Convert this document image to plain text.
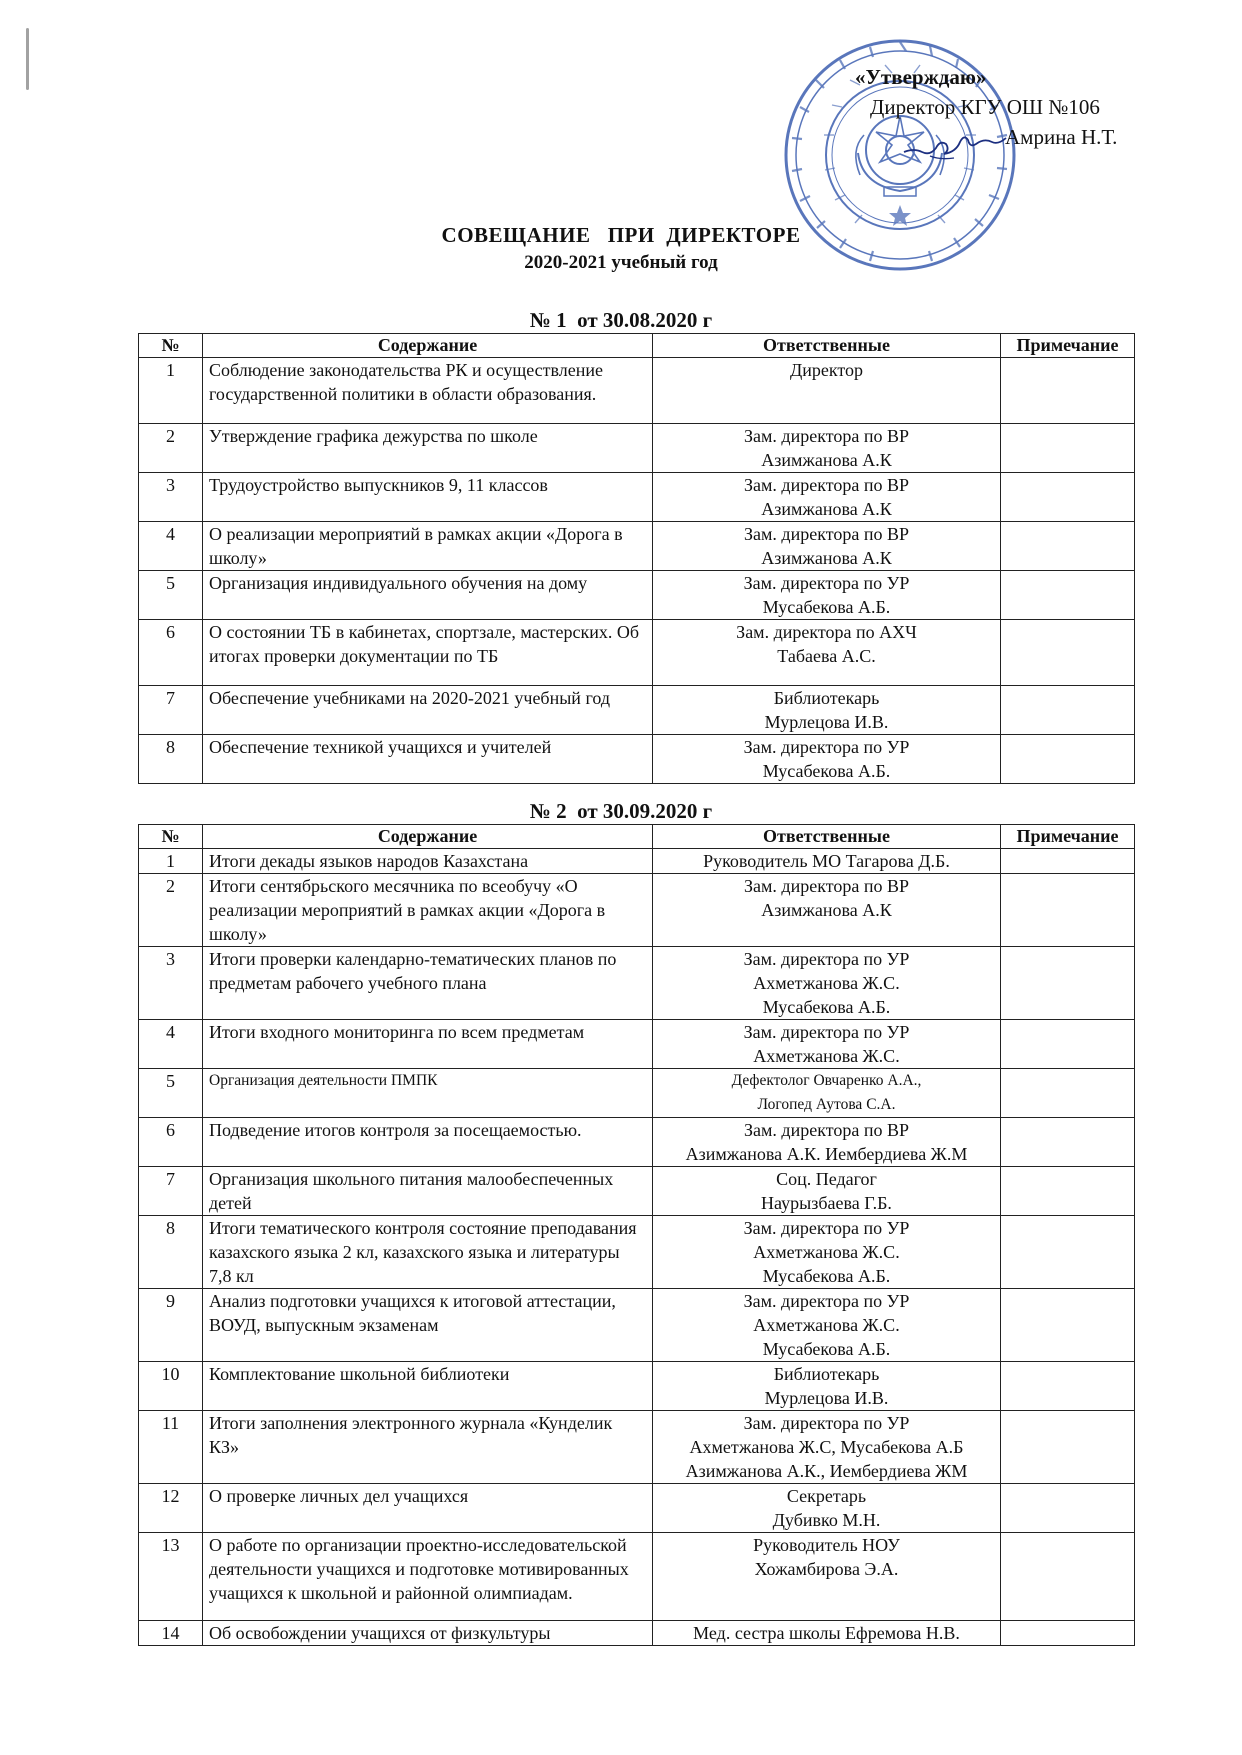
«Утверждаю»
Директор КГУ ОШ №106
Амрина Н.Т.
СОВЕЩАНИЕ   ПРИ  ДИРЕКТОРЕ
2020-2021 учебный год
№ 1  от 30.08.2020 г
№	Содержание	Ответственные	Примечание
1	Соблюдение законодательства РК и осуществление государственной политики в области образования.	Директор	
2	Утверждение графика дежурства по школе	Зам. директора по ВР
Азимжанова А.К	
3	Трудоустройство выпускников 9, 11 классов	Зам. директора по ВР
Азимжанова А.К	
4	О реализации мероприятий в рамках акции «Дорога в школу»	Зам. директора по ВР
Азимжанова А.К	
5	Организация индивидуального обучения на дому	Зам. директора по УР
Мусабекова А.Б.	
6	О состоянии ТБ в кабинетах, спортзале, мастерских. Об итогах проверки документации по ТБ	Зам. директора по АХЧ
Табаева А.С.	
7	Обеспечение учебниками на 2020-2021 учебный год	Библиотекарь
Мурлецова И.В.	
8	Обеспечение техникой учащихся и учителей	Зам. директора по УР
Мусабекова А.Б.	
№ 2  от 30.09.2020 г
№	Содержание	Ответственные	Примечание
1	Итоги декады языков народов Казахстана	Руководитель МО Тагарова Д.Б.	
2	Итоги сентябрьского месячника по всеобучу «О реализации мероприятий в рамках акции «Дорога в школу»	Зам. директора по ВР
Азимжанова А.К	
3	Итоги проверки календарно-тематических планов по предметам рабочего учебного плана	Зам. директора по УР
Ахметжанова Ж.С.
Мусабекова А.Б.	
4	Итоги входного мониторинга по всем предметам	Зам. директора по УР
Ахметжанова Ж.С.	
5	Организация деятельности ПМПК	Дефектолог Овчаренко А.А.,
Логопед Аутова С.А.	
6	Подведение итогов контроля за посещаемостью.	Зам. директора по ВР
Азимжанова А.К. Иембердиева Ж.М	
7	Организация школьного питания малообеспеченных детей	Соц. Педагог
Наурызбаева Г.Б.	
8	Итоги тематического контроля состояние преподавания казахского языка 2 кл, казахского языка и литературы 7,8 кл	Зам. директора по УР
Ахметжанова Ж.С.
Мусабекова А.Б.	
9	Анализ подготовки учащихся к итоговой аттестации, ВОУД, выпускным экзаменам	Зам. директора по УР
Ахметжанова Ж.С.
Мусабекова А.Б.	
10	Комплектование школьной библиотеки	Библиотекарь
Мурлецова И.В.	
11	Итоги заполнения электронного журнала «Кунделик КЗ»	Зам. директора по УР
Ахметжанова Ж.С, Мусабекова А.Б
Азимжанова А.К., Иембердиева ЖМ	
12	О проверке личных дел учащихся	Секретарь
Дубивко М.Н.	
13	О работе по организации проектно-исследовательской деятельности учащихся и подготовке мотивированных учащихся к школьной и районной олимпиадам.	Руководитель НОУ
Хожамбирова Э.А.	
14	Об освобождении учащихся от физкультуры	Мед. сестра школы Ефремова Н.В.	
